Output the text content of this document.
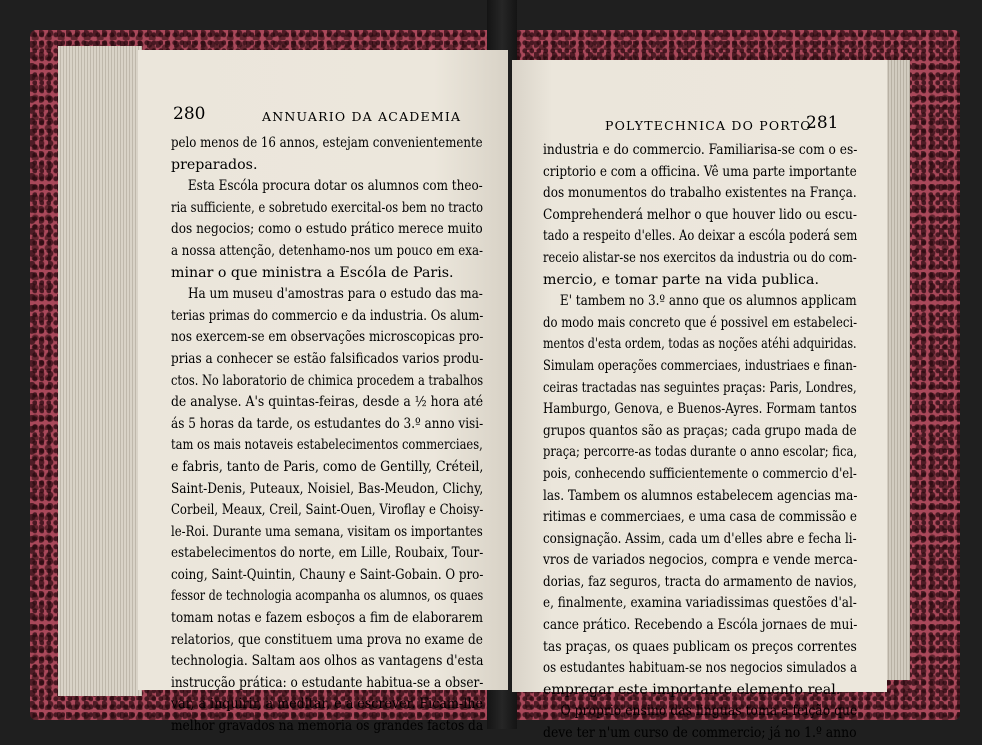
280	ANNUARIO DA ACADEMIA	281
POLYTECHNICA DO PORTO
pelo menos de 16 annos, estejam convenientemente
preparados.
Esta Escóla procura dotar os alumnos com theo-
ria sufficiente, e sobretudo exercital-os bem no tracto
dos negocios; como o estudo prático merece muito
a nossa attenção, detenhamo-nos um pouco em exa-
minar o que ministra a Escóla de Paris.
Ha um museu d'amostras para o estudo das ma-
terias primas do commercio e da industria. Os alum-
nos exercem-se em observações microscopicas pro-
prias a conhecer se estão falsificados varios produ-
ctos. No laboratorio de chimica procedem a trabalhos
de analyse. A's quintas-feiras, desde a ½ hora até
ás 5 horas da tarde, os estudantes do 3.º anno visi-
tam os mais notaveis estabelecimentos commerciaes,
e fabris, tanto de Paris, como de Gentilly, Créteil,
Saint-Denis, Puteaux, Noisiel, Bas-Meudon, Clichy,
Corbeil, Meaux, Creil, Saint-Ouen, Viroflay e Choisy-
le-Roi. Durante uma semana, visitam os importantes
estabelecimentos do norte, em Lille, Roubaix, Tour-
coing, Saint-Quintin, Chauny e Saint-Gobain. O pro-
fessor de technologia acompanha os alumnos, os quaes
tomam notas e fazem esboços a fim de elaborarem
relatorios, que constituem uma prova no exame de
technologia. Saltam aos olhos as vantagens d'esta
instrucção prática: o estudante habitua-se a obser-
var, a inquirir, a meditar, e a escrever. Ficam-lhe
melhor gravados na memoria os grandes factos da
industria e do commercio. Familiarisa-se com o es-
criptorio e com a officina. Vê uma parte importante
dos monumentos do trabalho existentes na França.
Comprehenderá melhor o que houver lido ou escu-
tado a respeito d'elles. Ao deixar a escóla poderá sem
receio alistar-se nos exercitos da industria ou do com-
mercio, e tomar parte na vida publica.
E' tambem no 3.º anno que os alumnos applicam
do modo mais concreto que é possivel em estabeleci-
mentos d'esta ordem, todas as noções atéhi adquiridas.
Simulam operações commerciaes, industriaes e finan-
ceiras tractadas nas seguintes praças: Paris, Londres,
Hamburgo, Genova, e Buenos-Ayres. Formam tantos
grupos quantos são as praças; cada grupo mada de
praça; percorre-as todas durante o anno escolar; fica,
pois, conhecendo sufficientemente o commercio d'el-
las. Tambem os alumnos estabelecem agencias ma-
ritimas e commerciaes, e uma casa de commissão e
consignação. Assim, cada um d'elles abre e fecha li-
vros de variados negocios, compra e vende merca-
dorias, faz seguros, tracta do armamento de navios,
e, finalmente, examina variadissimas questões d'al-
cance prático. Recebendo a Escóla jornaes de mui-
tas praças, os quaes publicam os preços correntes
os estudantes habituam-se nos negocios simulados a
empregar este importante elemento real.
O proprio ensino das linguas toma a feição que
deve ter n'um curso de commercio; já no 1.º anno
